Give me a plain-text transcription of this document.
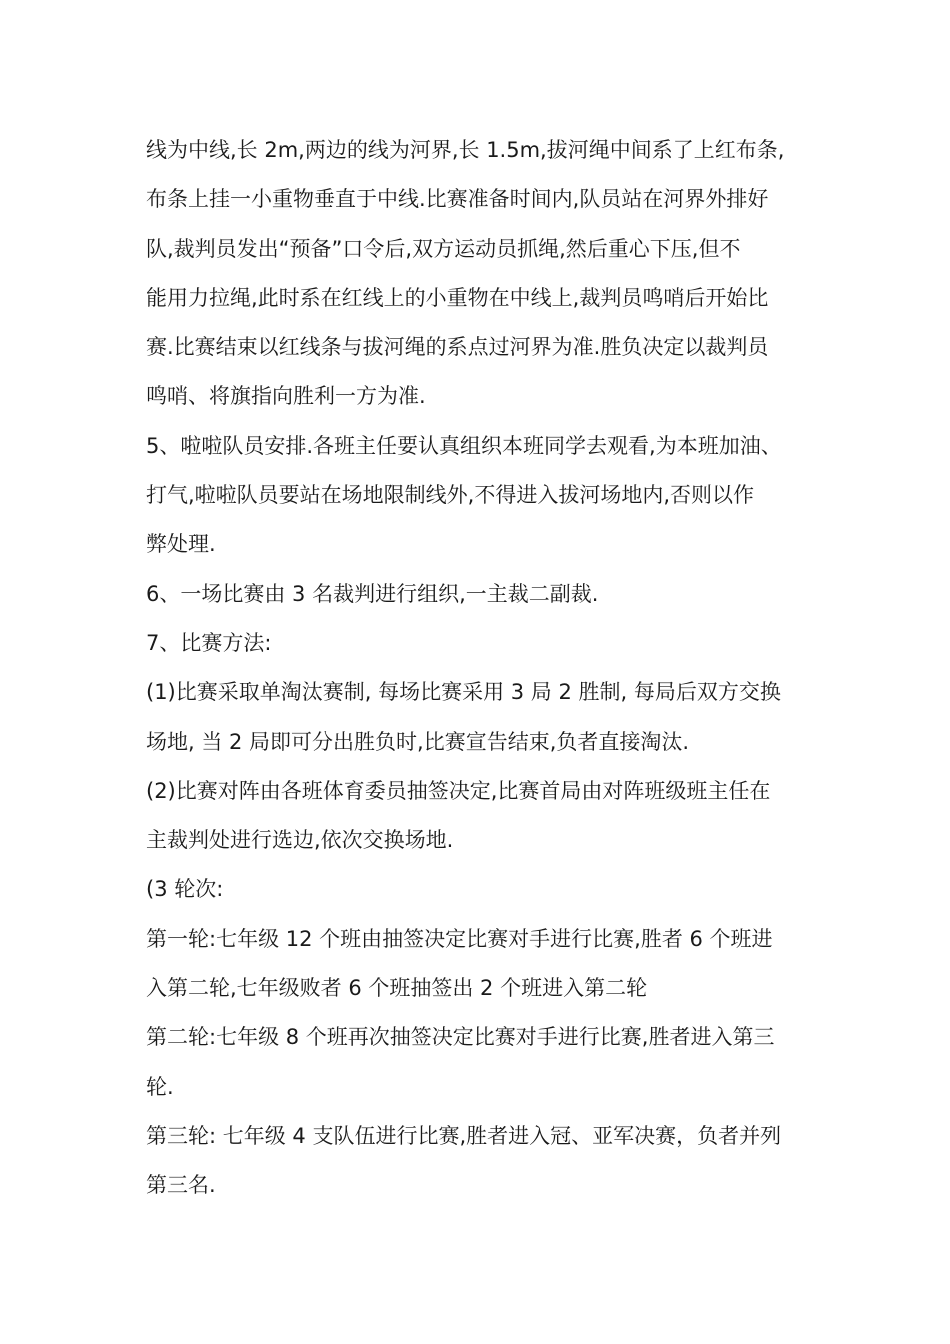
线为中线,长 2m,两边的线为河界,长 1.5m,拔河绳中间系了上红布条,
布条上挂一小重物垂直于中线.比赛准备时间内,队员站在河界外排好
队,裁判员发出“预备”口令后,双方运动员抓绳,然后重心下压,但不
能用力拉绳,此时系在红线上的小重物在中线上,裁判员鸣哨后开始比
赛.比赛结束以红线条与拔河绳的系点过河界为准.胜负决定以裁判员
鸣哨、将旗指向胜利一方为准.
5、啦啦队员安排.各班主任要认真组织本班同学去观看,为本班加油、
打气,啦啦队员要站在场地限制线外,不得进入拔河场地内,否则以作
弊处理.
6、一场比赛由 3 名裁判进行组织,一主裁二副裁.
7、比赛方法:
(1)比赛采取单淘汰赛制, 每场比赛采用 3 局 2 胜制, 每局后双方交换
场地, 当 2 局即可分出胜负时,比赛宣告结束,负者直接淘汰.
(2)比赛对阵由各班体育委员抽签决定,比赛首局由对阵班级班主任在
主裁判处进行选边,依次交换场地.
(3 轮次:
第一轮:七年级 12 个班由抽签决定比赛对手进行比赛,胜者 6 个班进
入第二轮,七年级败者 6 个班抽签出 2 个班进入第二轮
第二轮:七年级 8 个班再次抽签决定比赛对手进行比赛,胜者进入第三
轮.
第三轮: 七年级 4 支队伍进行比赛,胜者进入冠、亚军决赛，负者并列
第三名.
